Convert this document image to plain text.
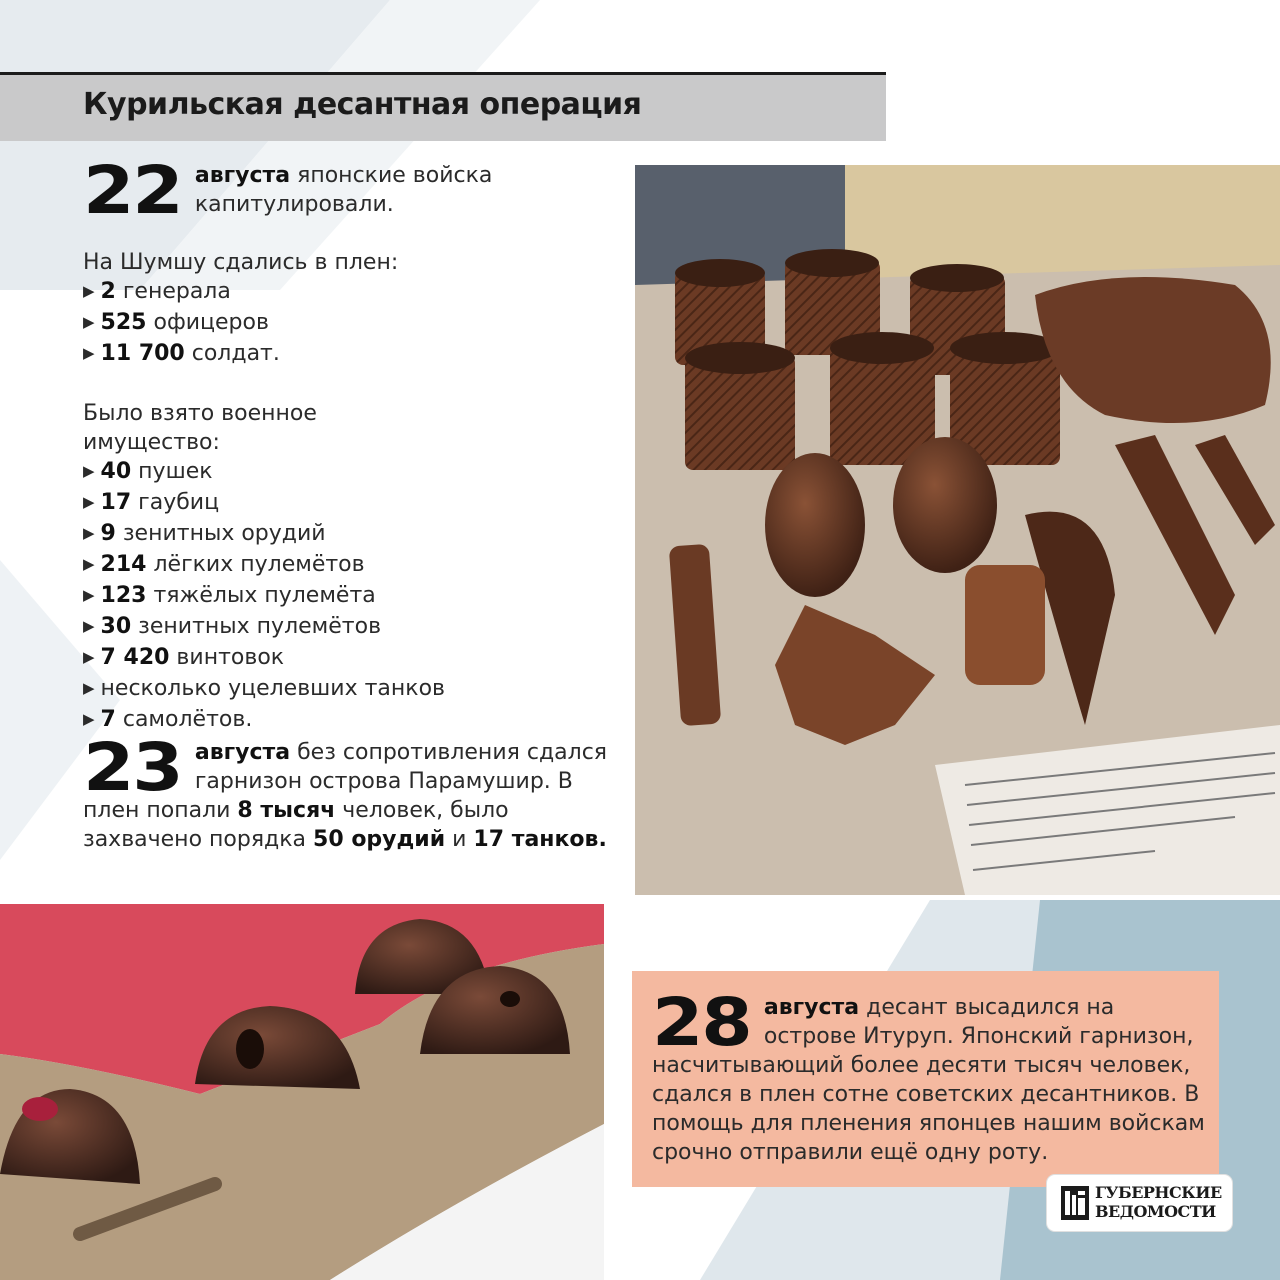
Курильская десантная операция
22 августа японские войска капитулировали.
На Шумшу сдались в плен:
▶ 2 генерала
▶ 525 офицеров
▶ 11 700 солдат.
Было взято военное имущество:
▶ 40 пушек
▶ 17 гаубиц
▶ 9 зенитных орудий
▶ 214 лёгких пулемётов
▶ 123 тяжёлых пулемёта
▶ 30 зенитных пулемётов
▶ 7 420 винтовок
▶ несколько уцелевших танков
▶ 7 самолётов.
23 августа без сопротивления сдался гарнизон острова Парамушир. В плен попали 8 тысяч человек, было захвачено порядка 50 орудий и 17 танков.
28 августа десант высадился на острове Итуруп. Японский гарнизон, насчитывающий более десяти тысяч человек, сдался в плен сотне советских десантников. В помощь для пленения японцев нашим войскам срочно отправили ещё одну роту.
ГУБЕРНСКИЕ
ВЕДОМОСТИ
